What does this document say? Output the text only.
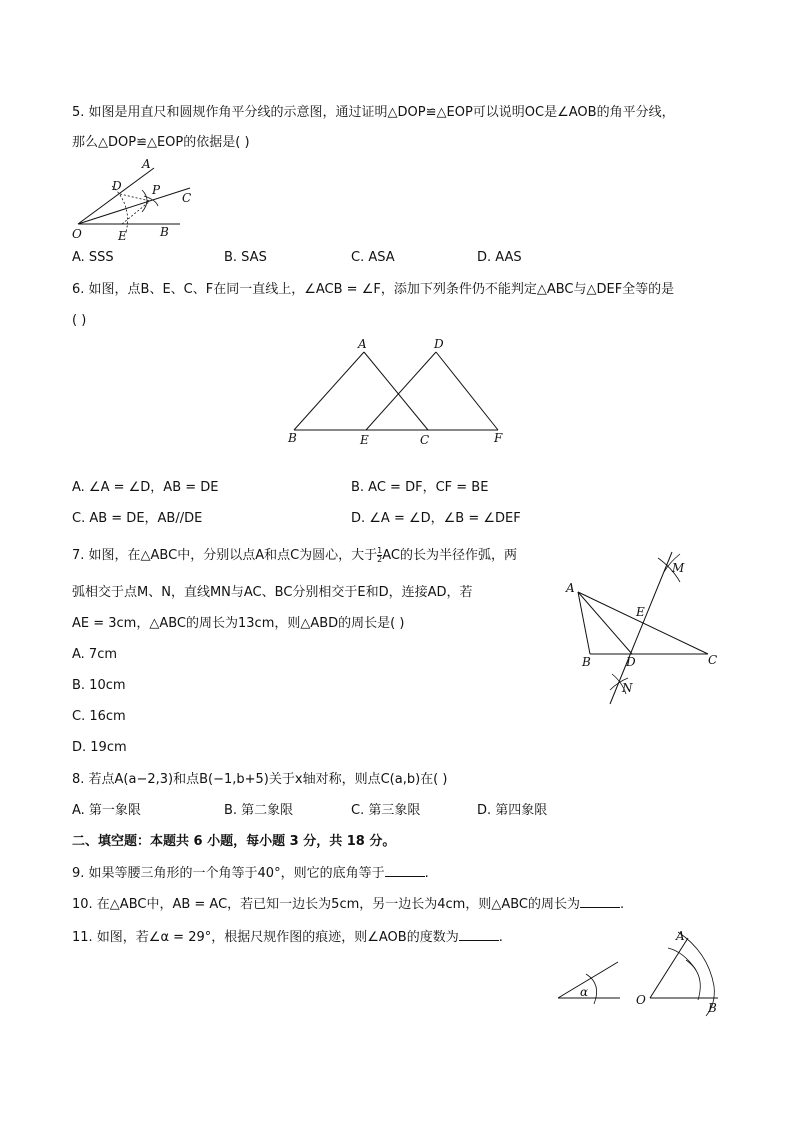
5. 如图是用直尺和圆规作角平分线的示意图，通过证明△DOP≌△EOP可以说明OC是∠AOB的角平分线，
那么△DOP≌△EOP的依据是( )
A
D	P
C
O	E	B
A. SSS	B. SAS	C. ASA	D. AAS
6. 如图，点B、E、C、F在同一直线上，∠ACB = ∠F，添加下列条件仍不能判定△ABC与△DEF全等的是
( )
A	D
B	E	C	F
A. ∠A = ∠D，AB = DE	B. AC = DF，CF = BE
C. AB = DE，AB//DE	D. ∠A = ∠D，∠B = ∠DEF
7. 如图，在△ABC中，分别以点A和点C为圆心，大于 $\frac{1}{2}$ AC的长为半径作弧，两
弧相交于点M、N，直线MN与AC、BC分别相交于E和D，连接AD，若
AE = 3cm，△ABC的周长为13cm，则△ABD的周长是( )
A
M
E
B	D	C
N
A. 7cm
B. 10cm
C. 16cm
D. 19cm
8. 若点A(a−2,3)和点B(−1,b+5)关于x轴对称，则点C(a,b)在( )
A. 第一象限	B. 第二象限	C. 第三象限	D. 第四象限
二、填空题：本题共 6 小题，每小题 3 分，共 18 分。
9. 如果等腰三角形的一个角等于40°，则它的底角等于	.
10. 在△ABC中，AB = AC，若已知一边长为5cm，另一边长为4cm，则△ABC的周长为	.
11. 如图，若∠α = 29°，根据尺规作图的痕迹，则∠AOB的度数为	.
α
A
O
B
